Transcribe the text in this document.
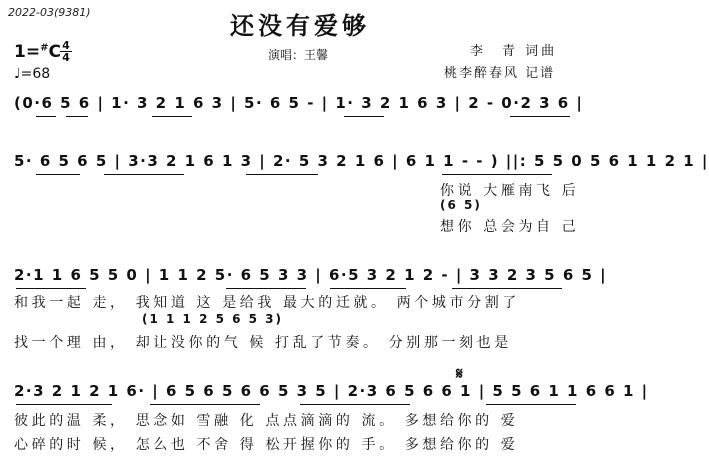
2022-03(9381)	还没有爱够
演唱：王馨	李　青 词曲
桃李醉春风 记谱
1=#C 4
4
♩=68
(0·6 5 6 | 1· 3 2 1 6 3 | 5· 6 5 - | 1· 3 2 1 6 3 | 2 - 0·2 3 6 |
5· 6 5 6 5 | 3·3 2 1 6 1 3 | 2· 5 3 2 1 6 | 6 1 1 - - ) ||: 5 5 0 5 6 1 1 2 1 |
你说 大雁南飞 后
(6 5)
想你 总会为自 己
2·1 1 6 5 5 0 | 1 1 2 5· 6 5 3 3 | 6·5 3 2 1 2 - | 3 3 2 3 5 6 5 |
和我一起 走， 我知道 这 是给我 最大的迁就。 两个城市分割了
(1 1 1 2 5 6 5 3)
找一个理 由， 却让没你的气 候 打乱了节奏。 分别那一刻也是
𝄋
2·3 2 1 2 1 6· | 6 5 6 5 6 6 5 3 5 | 2·3 6 5 6 6 1 | 5 5 6 1 1 6 6 1 |
彼此的温 柔， 思念如 雪融 化 点点滴滴的 流。 多想给你的 爱
心碎的时 候， 怎么也 不舍 得 松开握你的 手。 多想给你的 爱
